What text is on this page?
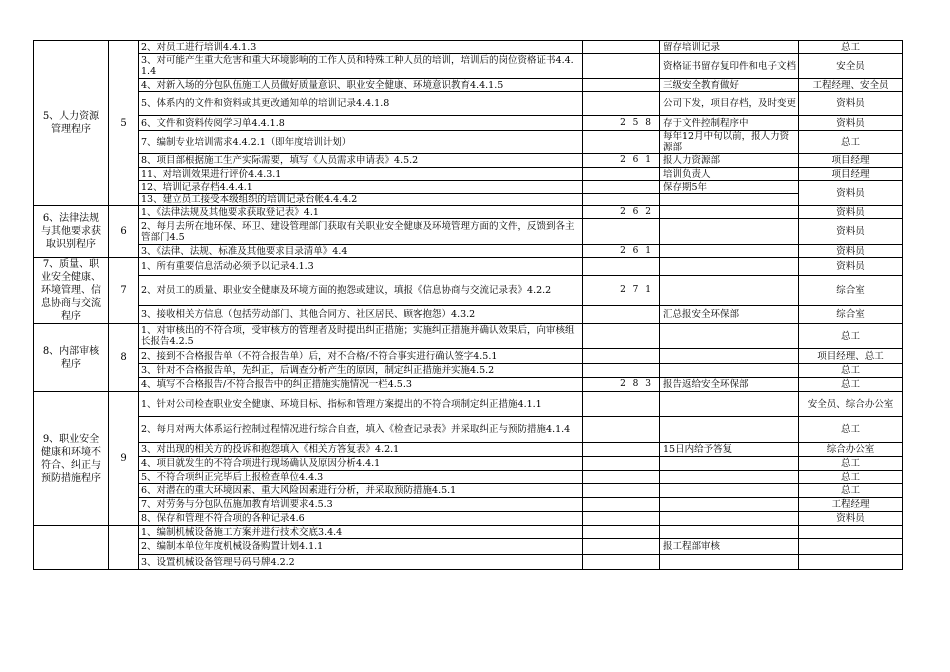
5、人力资源管理程序	5	2、对员工进行培训4.4.1.3		留存培训记录	总工
		3、对可能产生重大危害和重大环境影响的工作人员和特殊工种人员的培训，培训后的岗位资格证书4.4.1.4		资格证书留存复印件和电子文档	安全员
		4、对新入场的分包队伍施工人员做好质量意识、职业安全健康、环境意识教育4.4.1.5		三级安全教育做好	工程经理、安全员
		5、体系内的文件和资料或其更改通知单的培训记录4.4.1.8		公司下发，项目存档，及时变更	资料员
		6、文件和资料传阅学习单4.4.1.8	2 5 8	存于文件控制程序中	资料员
		7、编制专业培训需求4.4.2.1（即年度培训计划）		每年12月中旬以前，报人力资源部	总工
		8、项目部根据施工生产实际需要，填写《人员需求申请表》4.5.2	2 6 1	报人力资源部	项目经理
		11、对培训效果进行评价4.4.3.1		培训负责人	项目经理
		12、培训记录存档4.4.4.1		保存期5年	资料员
		13、建立员工接受本级组织的培训记录台帐4.4.4.2			
6、法律法规与其他要求获取识别程序	6	1、《法律法规及其他要求获取登记表》4.1	2 6 2		资料员
		2、每月去所在地环保、环卫、建设管理部门获取有关职业安全健康及环境管理方面的文件，反馈到各主管部门4.5			资料员
		3、《法律、法规、标准及其他要求目录清单》4.4	2 6 1		资料员
7、质量、职业安全健康、环境管理、信息协商与交流程序	7	1、所有重要信息活动必须予以记录4.1.3			资料员
		2、对员工的质量、职业安全健康及环境方面的抱怨或建议，填报《信息协商与交流记录表》4.2.2	2 7 1		综合室
		3、接收相关方信息（包括劳动部门、其他合同方、社区居民、顾客抱怨）4.3.2		汇总报安全环保部	综合室
8、内部审核程序	8	1、对审核出的不符合项，受审核方的管理者及时提出纠正措施；实施纠正措施并确认效果后，向审核组长报告4.2.5			总工
		2、接到不合格报告单（不符合报告单）后，对不合格/不符合事实进行确认签字4.5.1			项目经理、总工
		3、针对不合格报告单，先纠正，后调查分析产生的原因，制定纠正措施并实施4.5.2			总工
		4、填写不合格报告/不符合报告中的纠正措施实施情况一栏4.5.3	2 8 3	报告返给安全环保部	总工
9、职业安全健康和环境不符合、纠正与预防措施程序	9	1、针对公司检查职业安全健康、环境目标、指标和管理方案提出的不符合项制定纠正措施4.1.1			安全员、综合办公室
		2、每月对两大体系运行控制过程情况进行综合自查，填入《检查记录表》并采取纠正与预防措施4.1.4			总工
		3、对出现的相关方的投诉和抱怨填入《相关方答复表》4.2.1		15日内给予答复	综合办公室
		4、项目就发生的不符合项进行现场确认及原因分析4.4.1			总工
		5、不符合项纠正完毕后上报检查单位4.4.3			总工
		6、对潜在的重大环境因素、重大风险因素进行分析，并采取预防措施4.5.1			总工
		7、对劳务与分包队伍施加教育培训要求4.5.3			工程经理
		8、保存和管理不符合项的各种记录4.6			资料员
		1、编制机械设备施工方案并进行技术交底3.4.4			
		2、编制本单位年度机械设备购置计划4.1.1		报工程部审核	
		3、设置机械设备管理号码号牌4.2.2			
